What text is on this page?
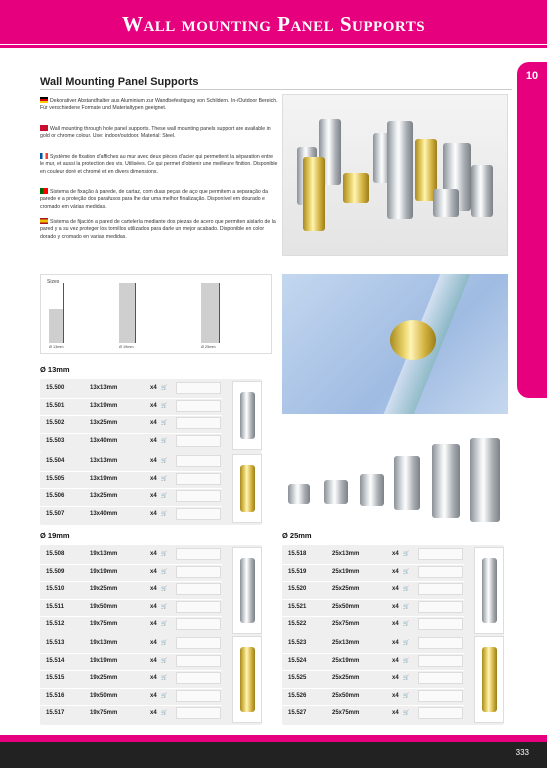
Wall mounting Panel Supports
10
Wall Mounting Panel Supports
Dekorativer Abstandhalter aus Aluminium zur Wandbefestigung von Schildern. In-/Outdoor Bereich. Für verschiedene Formate und Materialtypen geeignet.
Wall mounting through hole panel supports. These wall mounting panels support are available in gold or chrome colour. Use: indoor/outdoor. Material: Steel.
Système de fixation d'affiches au mur avec deux pièces d'acier qui permettent la séparation entre le mur, et aussi la protection des vis. Utilisées. Ce qui permet d'obtenir une meilleure finition. Disponible en couleur doré et chromé et en divers dimensions.
Sistema de fixação à parede, de cartaz, com duas peças de aço que permitem a separação da parede e a proteção dos parafusos para lhe dar uma melhor finalização. Disponível em dourado e cromado em várias medidas.
Sistema de fijación a pared de cartelería mediante dos piezas de acero que permiten aislarlo de la pared y a su vez proteger los tornillos utilizados para darle un mejor acabado. Disponible en color dorado y cromado en varias medidas.
Sizes
Ø 13mm	Ø 19mm	Ø 25mm
Ø 13mm
Ø 19mm	Ø 25mm
15.500	13x13mm	x4 🛒
15.501	13x19mm	x4 🛒
15.502	13x25mm	x4 🛒
15.503	13x40mm	x4 🛒
15.504	13x13mm	x4 🛒
15.505	13x19mm	x4 🛒
15.506	13x25mm	x4 🛒
15.507	13x40mm	x4 🛒
15.508	19x13mm	x4 🛒
15.509	19x19mm	x4 🛒
15.510	19x25mm	x4 🛒
15.511	19x50mm	x4 🛒
15.512	19x75mm	x4 🛒
15.513	19x13mm	x4 🛒
15.514	19x19mm	x4 🛒
15.515	19x25mm	x4 🛒
15.516	19x50mm	x4 🛒
15.517	19x75mm	x4 🛒
15.518	25x13mm	x4 🛒
15.519	25x19mm	x4 🛒
15.520	25x25mm	x4 🛒
15.521	25x50mm	x4 🛒
15.522	25x75mm	x4 🛒
15.523	25x13mm	x4 🛒
15.524	25x19mm	x4 🛒
15.525	25x25mm	x4 🛒
15.526	25x50mm	x4 🛒
15.527	25x75mm	x4 🛒
333
